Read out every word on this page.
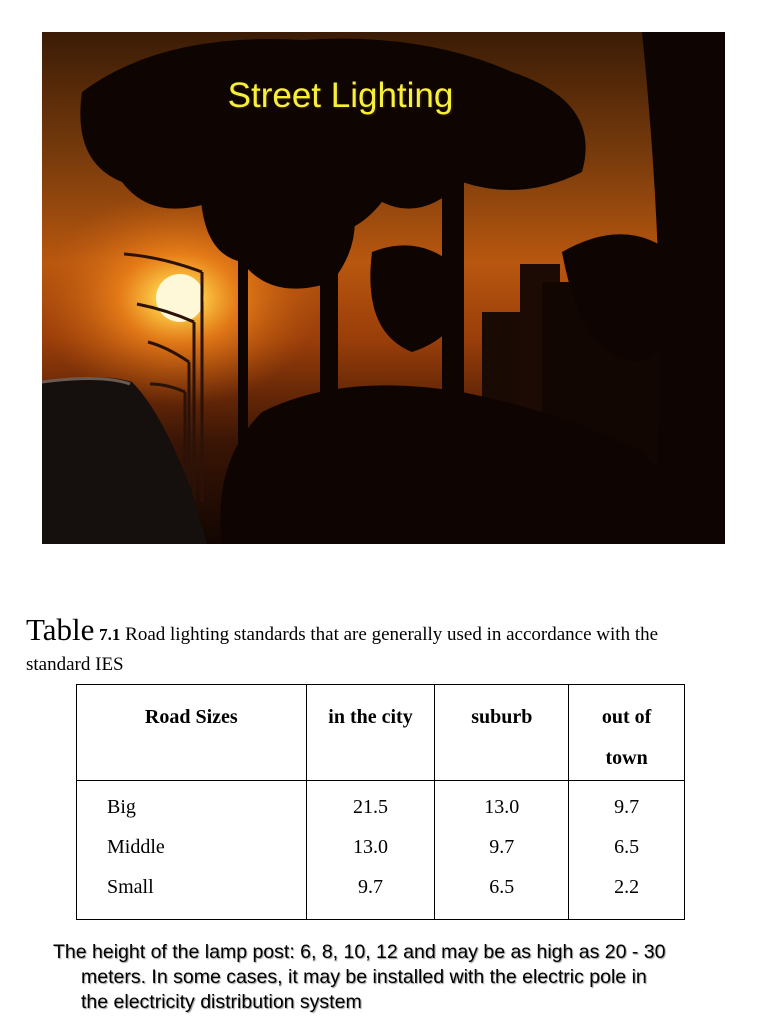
Street Lighting
Table 7.1 Road lighting standards that are generally used in accordance with the
standard IES
Road Sizes	in the city	suburb	out of
town
Big	21.5	13.0	9.7
Middle	13.0	9.7	6.5
Small	9.7	6.5	2.2
The height of the lamp post: 6, 8, 10, 12 and may be as high as 20 - 30
meters. In some cases, it may be installed with the electric pole in
the electricity distribution system
